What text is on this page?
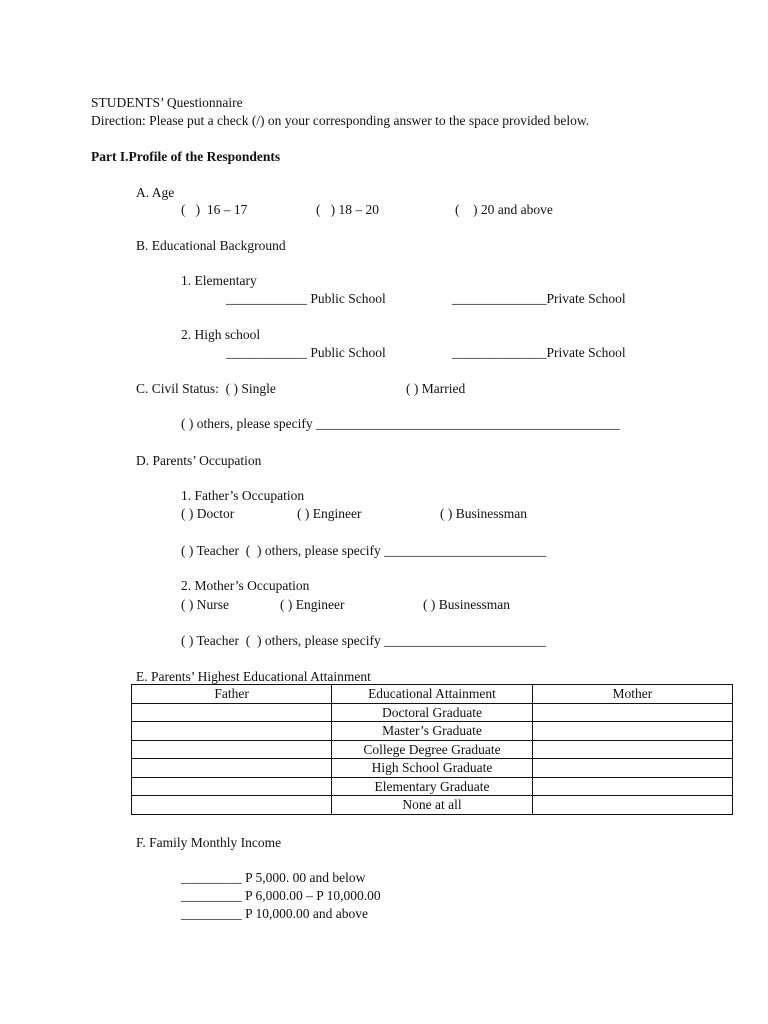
STUDENTS’ Questionnaire
Direction: Please put a check (/) on your corresponding answer to the space provided below.
Part I.Profile of the Respondents
A. Age
(   )  16 – 17	(   ) 18 – 20	(    ) 20 and above
B. Educational Background
1. Elementary
____________ Public School	______________Private School
2. High school
____________ Public School	______________Private School
C. Civil Status:  ( ) Single	( ) Married
( ) others, please specify _____________________________________________
D. Parents’ Occupation
1. Father’s Occupation
( ) Doctor	( ) Engineer	( ) Businessman
( ) Teacher  (  ) others, please specify ________________________
2. Mother’s Occupation
( ) Nurse	( ) Engineer	( ) Businessman
( ) Teacher  (  ) others, please specify ________________________
E. Parents’ Highest Educational Attainment
Father	Educational Attainment	Mother
	Doctoral Graduate	
	Master’s Graduate	
	College Degree Graduate	
	High School Graduate	
	Elementary Graduate	
	None at all	
F. Family Monthly Income
_________ P 5,000. 00 and below
_________ P 6,000.00 – P 10,000.00
_________ P 10,000.00 and above
